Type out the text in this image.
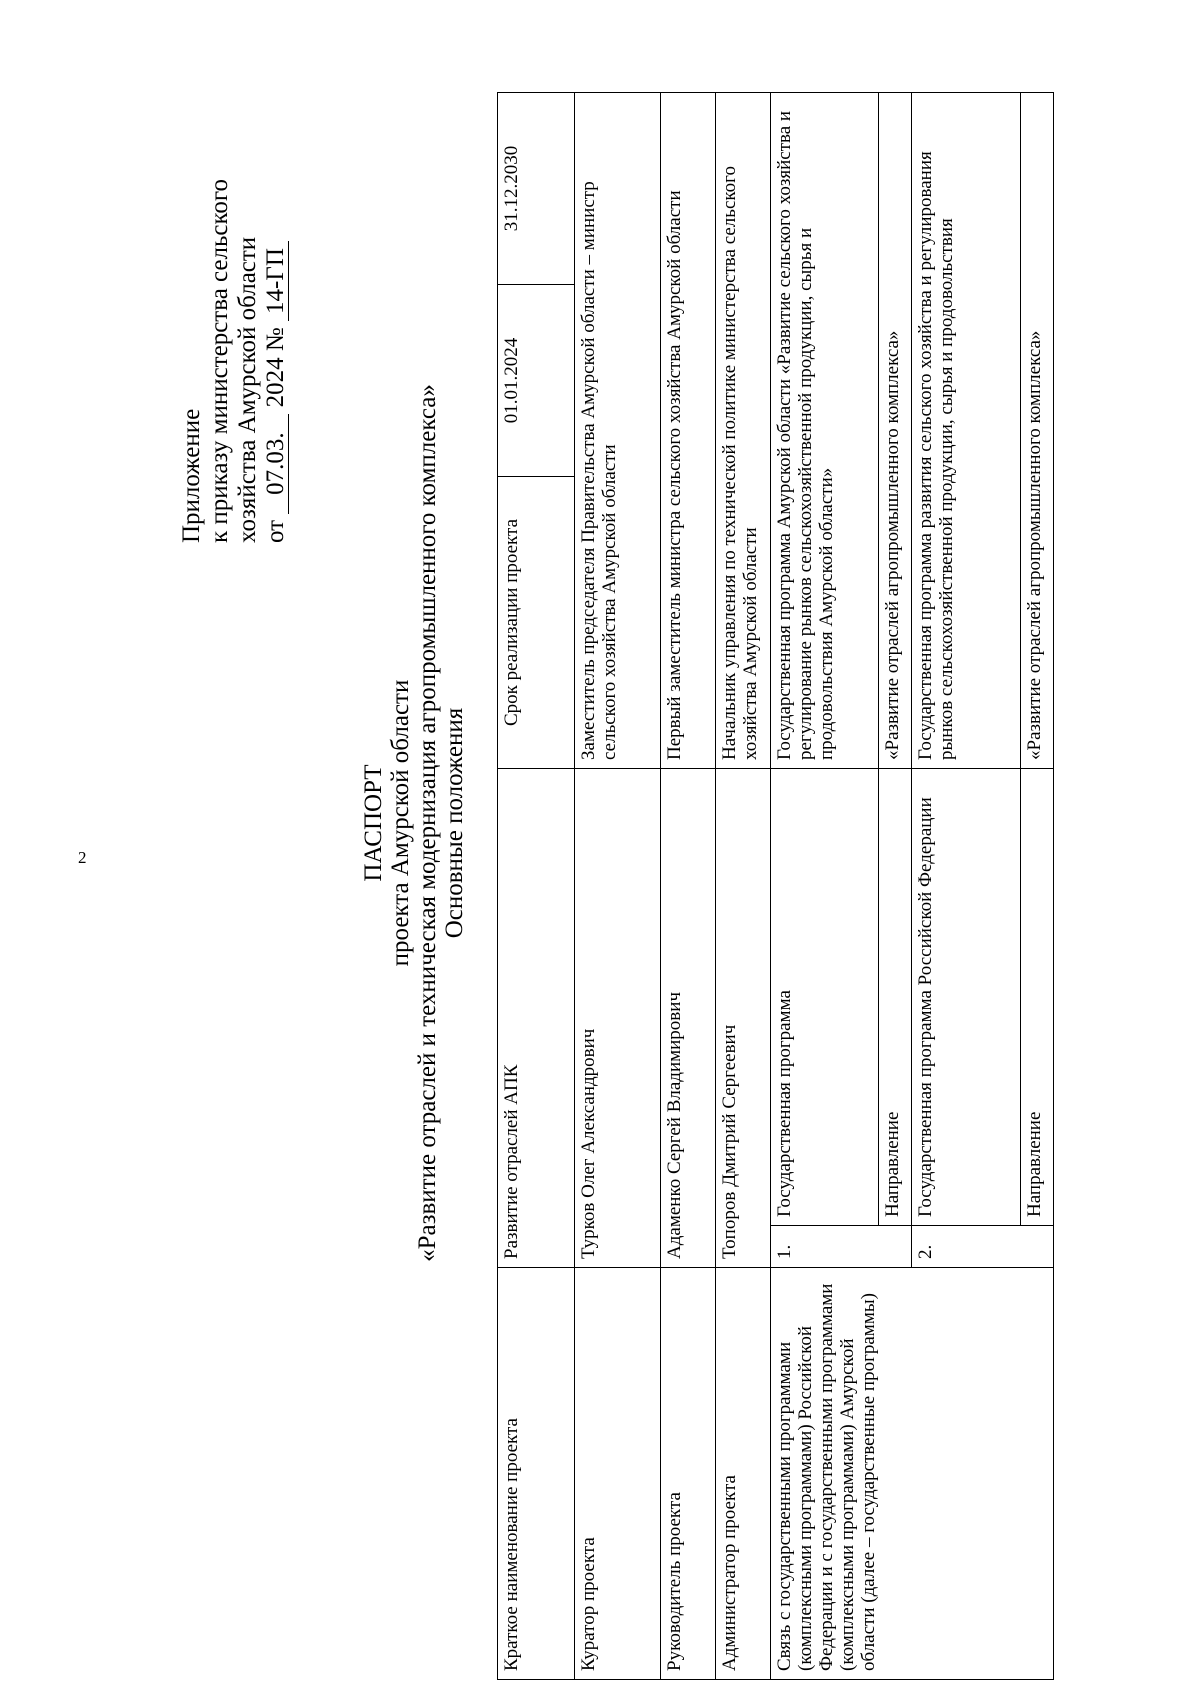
2
Приложение к приказу министерства сельского хозяйства Амурской области от 07.03. 2024 № 14-ГП
ПАСПОРТ проекта Амурской области «Развитие отраслей и техническая модернизация агропромышленного комплекса» Основные положения
Краткое наименование проекта	Развитие отраслей АПК		Срок реализации проекта	01.01.2024	31.12.2030
Куратор проекта	Турков Олег Александрович		Заместитель председателя Правительства Амурской области – министр сельского хозяйства Амурской области		
Руководитель проекта	Адаменко Сергей Владимирович		Первый заместитель министра сельского хозяйства Амурской области		
Администратор проекта	Топоров Дмитрий Сергеевич		Начальник управления по технической политике министерства сельского хозяйства Амурской области		
Связь с государственными программами (комплексными программами) Российской Федерации и с государственными программами (комплексными программами) Амурской области (далее – государственные программы)	1.	Государственная программа	Государственная программа Амурской области «Развитие сельского хозяйства и регулирование рынков сельскохозяйственной продукции, сырья и продовольствия Амурской области»		
		Направление	«Развитие отраслей агропромышленного комплекса»		
	2.	Государственная программа Российской Федерации	Государственная программа развития сельского хозяйства и регулирования рынков сельскохозяйственной продукции, сырья и продовольствия		
		Направление	«Развитие отраслей агропромышленного комплекса»		
